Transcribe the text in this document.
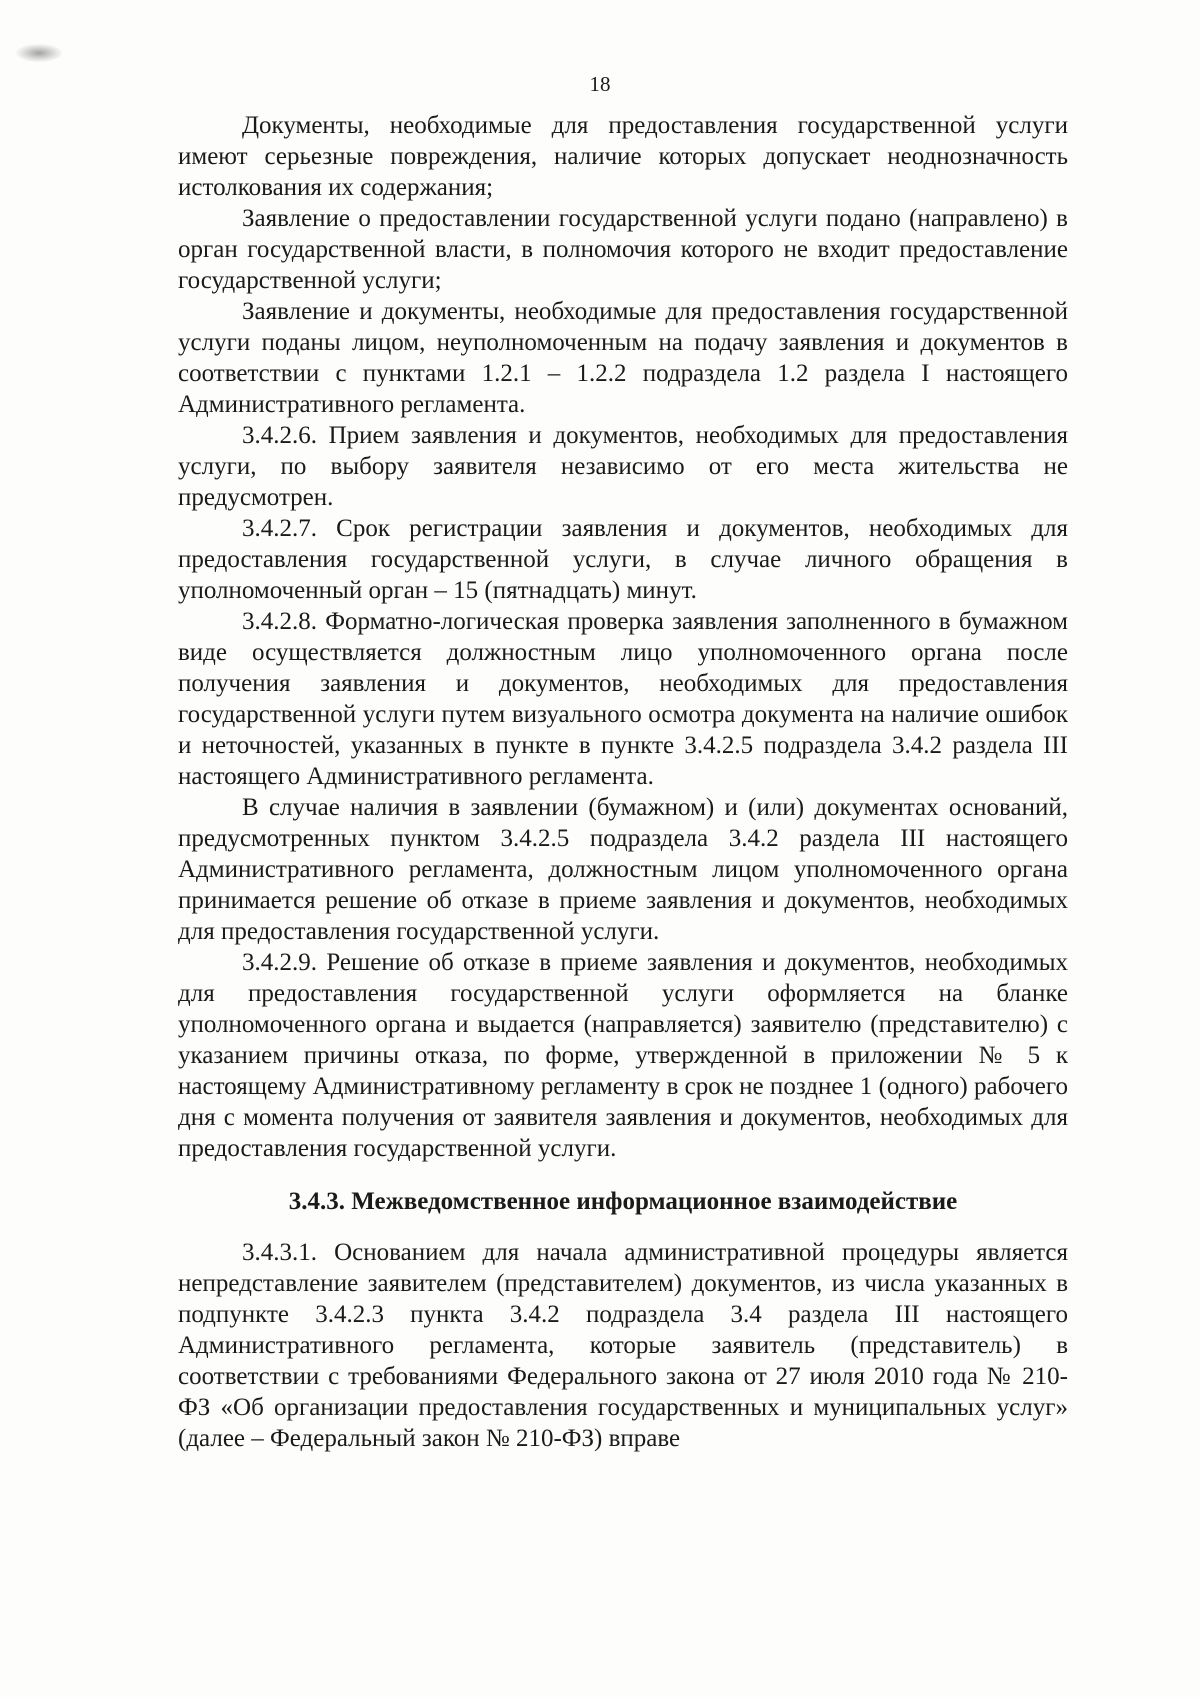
18

Документы, необходимые для предоставления государственной услуги имеют серьезные повреждения, наличие которых допускает неоднозначность истолкования их содержания;

Заявление о предоставлении государственной услуги подано (направлено) в орган государственной власти, в полномочия которого не входит предоставление государственной услуги;

Заявление и документы, необходимые для предоставления государственной услуги поданы лицом, неуполномоченным на подачу заявления и документов в соответствии с пунктами 1.2.1 – 1.2.2 подраздела 1.2 раздела I настоящего Административного регламента.

3.4.2.6. Прием заявления и документов, необходимых для предоставления услуги, по выбору заявителя независимо от его места жительства не предусмотрен.

3.4.2.7. Срок регистрации заявления и документов, необходимых для предоставления государственной услуги, в случае личного обращения в уполномоченный орган – 15 (пятнадцать) минут.

3.4.2.8. Форматно-логическая проверка заявления заполненного в бумажном виде осуществляется должностным лицо уполномоченного органа после получения заявления и документов, необходимых для предоставления государственной услуги путем визуального осмотра документа на наличие ошибок и неточностей, указанных в пункте в пункте 3.4.2.5 подраздела 3.4.2 раздела III настоящего Административного регламента.

В случае наличия в заявлении (бумажном) и (или) документах оснований, предусмотренных пунктом 3.4.2.5 подраздела 3.4.2 раздела III настоящего Административного регламента, должностным лицом уполномоченного органа принимается решение об отказе в приеме заявления и документов, необходимых для предоставления государственной услуги.

3.4.2.9. Решение об отказе в приеме заявления и документов, необходимых для предоставления государственной услуги оформляется на бланке уполномоченного органа и выдается (направляется) заявителю (представителю) с указанием причины отказа, по форме, утвержденной в приложении № 5 к настоящему Административному регламенту в срок не позднее 1 (одного) рабочего дня с момента получения от заявителя заявления и документов, необходимых для предоставления государственной услуги.

3.4.3. Межведомственное информационное взаимодействие

3.4.3.1. Основанием для начала административной процедуры является непредставление заявителем (представителем) документов, из числа указанных в подпункте 3.4.2.3 пункта 3.4.2 подраздела 3.4 раздела III настоящего Административного регламента, которые заявитель (представитель) в соответствии с требованиями Федерального закона от 27 июля 2010 года № 210-ФЗ «Об организации предоставления государственных и муниципальных услуг» (далее – Федеральный закон № 210-ФЗ) вправе
